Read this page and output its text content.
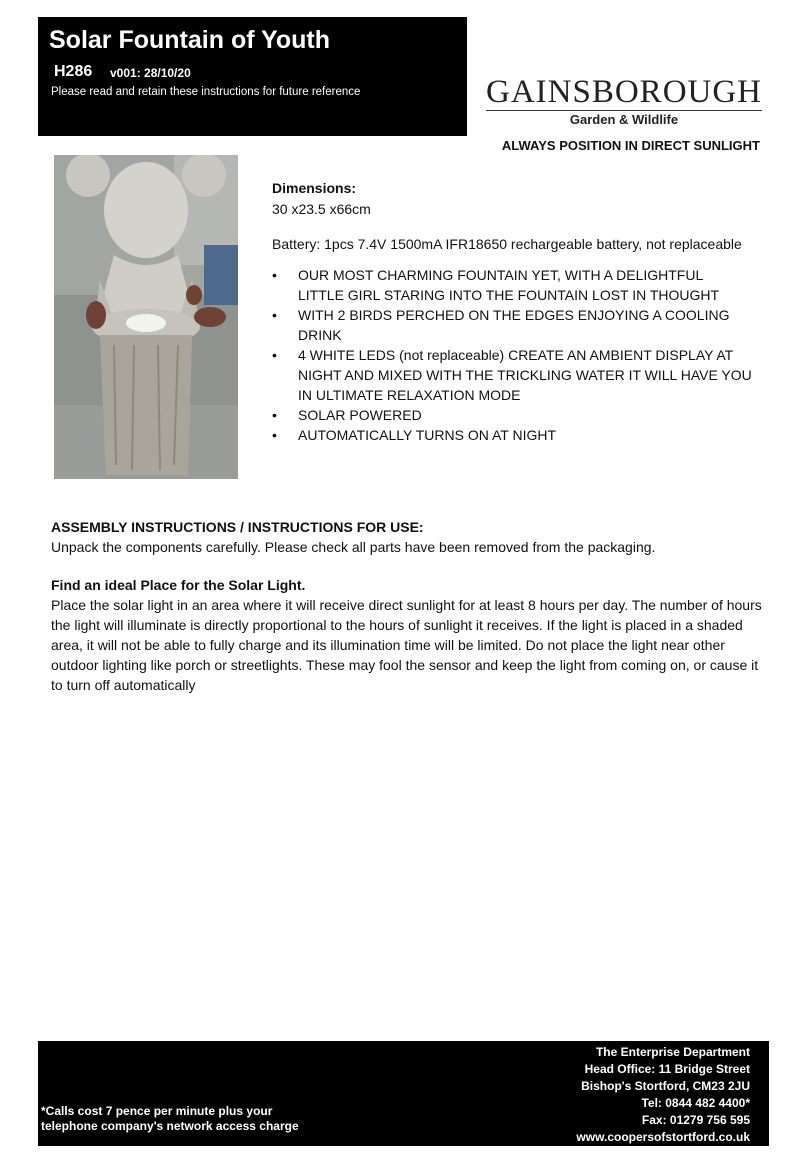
Solar Fountain of Youth
H286 v001: 28/10/20
Please read and retain these instructions for future reference	GAINSBOROUGH
Garden & Wildlife
ALWAYS POSITION IN DIRECT SUNLIGHT
Dimensions:
30 x23.5 x66cm
Battery: 1pcs 7.4V 1500mA IFR18650 rechargeable battery, not replaceable
• OUR MOST CHARMING FOUNTAIN YET, WITH A DELIGHTFUL LITTLE GIRL STARING INTO THE FOUNTAIN LOST IN THOUGHT
• WITH 2 BIRDS PERCHED ON THE EDGES ENJOYING A COOLING DRINK
• 4 WHITE LEDS (not replaceable) CREATE AN AMBIENT DISPLAY AT NIGHT AND MIXED WITH THE TRICKLING WATER IT WILL HAVE YOU IN ULTIMATE RELAXATION MODE
• SOLAR POWERED
• AUTOMATICALLY TURNS ON AT NIGHT
ASSEMBLY INSTRUCTIONS / INSTRUCTIONS FOR USE:

Unpack the components carefully. Please check all parts have been removed from the packaging.

Find an ideal Place for the Solar Light.

Place the solar light in an area where it will receive direct sunlight for at least 8 hours per day. The number of hours the light will illuminate is directly proportional to the hours of sunlight it receives. If the light is placed in a shaded area, it will not be able to fully charge and its illumination time will be limited. Do not place the light near other outdoor lighting like porch or streetlights. These may fool the sensor and keep the light from coming on, or cause it to turn off automatically

*Calls cost 7 pence per minute plus your
telephone company's network access charge
The Enterprise Department
Head Office: 11 Bridge Street
Bishop's Stortford, CM23 2JU
Tel: 0844 482 4400*
Fax: 01279 756 595
www.coopersofstortford.co.uk
